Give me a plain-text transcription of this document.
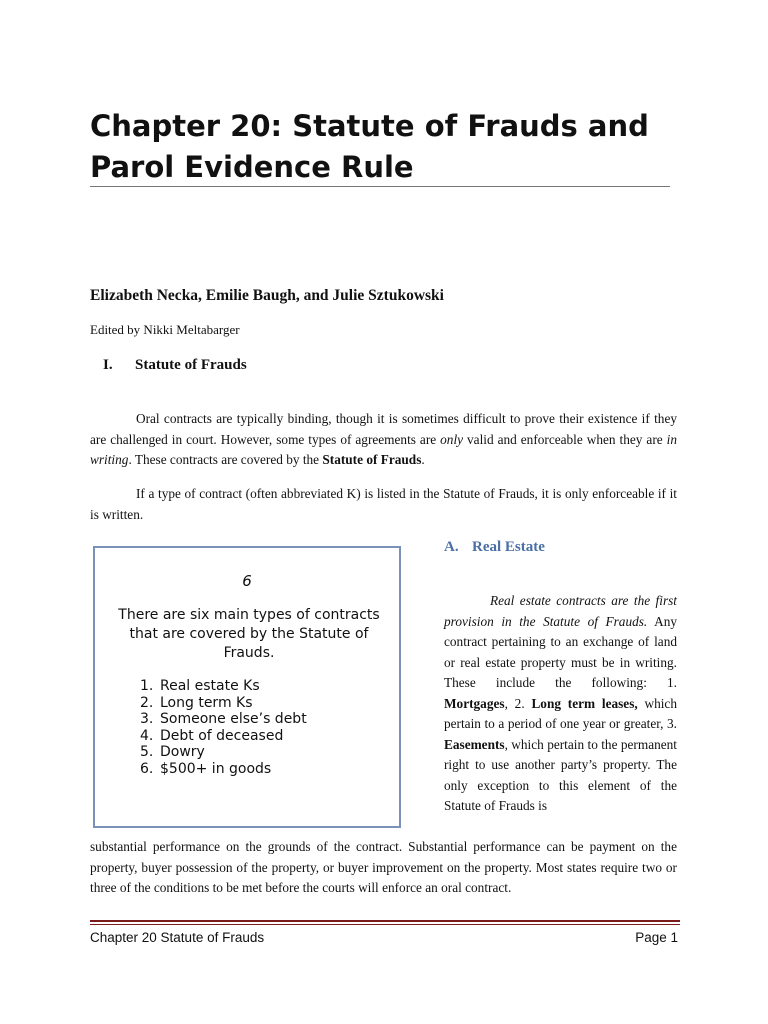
Chapter 20: Statute of Frauds and Parol Evidence Rule
Elizabeth Necka, Emilie Baugh, and Julie Sztukowski
Edited by Nikki Meltabarger
I. Statute of Frauds

Oral contracts are typically binding, though it is sometimes difficult to prove their existence if they are challenged in court. However, some types of agreements are only valid and enforceable when they are in writing. These contracts are covered by the Statute of Frauds.

If a type of contract (often abbreviated K) is listed in the Statute of Frauds, it is only enforceable if it is written.

6
There are six main types of contracts that are covered by the Statute of Frauds.
1. Real estate Ks
2. Long term Ks
3. Someone else’s debt
4. Debt of deceased
5. Dowry
6. $500+ in goods
A. Real Estate

Real estate contracts are the first provision in the Statute of Frauds. Any contract pertaining to an exchange of land or real estate property must be in writing. These include the following: 1. Mortgages, 2. Long term leases, which pertain to a period of one year or greater, 3. Easements, which pertain to the permanent right to use another party’s property. The only exception to this element of the Statute of Frauds is

substantial performance on the grounds of the contract. Substantial performance can be payment on the property, buyer possession of the property, or buyer improvement on the property. Most states require two or three of the conditions to be met before the courts will enforce an oral contract.

Chapter 20 Statute of Frauds	Page 1
